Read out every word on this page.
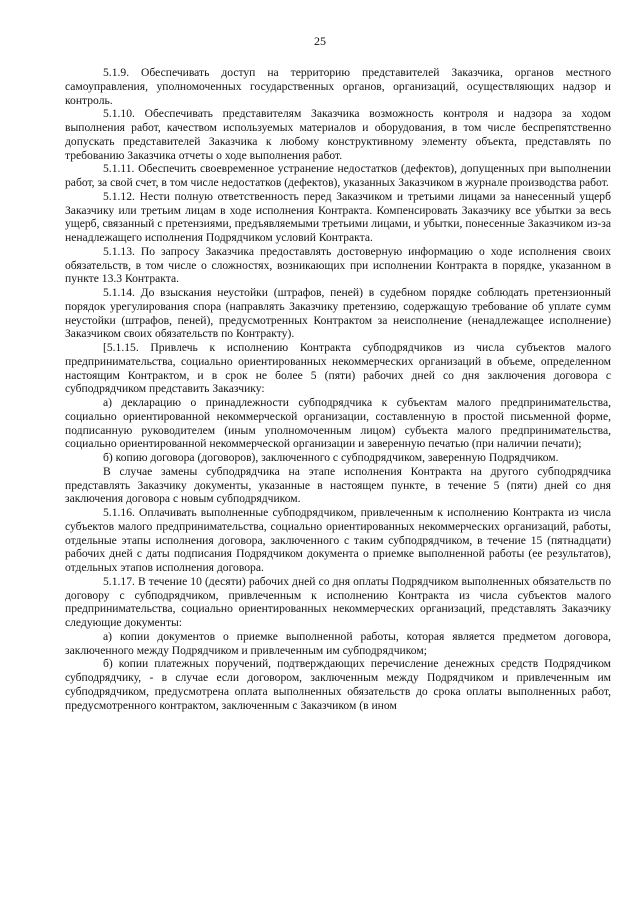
25

5.1.9. Обеспечивать доступ на территорию представителей Заказчика, органов местного самоуправления, уполномоченных государственных органов, организаций, осуществляющих надзор и контроль.

5.1.10. Обеспечивать представителям Заказчика возможность контроля и надзора за ходом выполнения работ, качеством используемых материалов и оборудования, в том числе беспрепятственно допускать представителей Заказчика к любому конструктивному элементу объекта, представлять по требованию Заказчика отчеты о ходе выполнения работ.

5.1.11. Обеспечить своевременное устранение недостатков (дефектов), допущенных при выполнении работ, за свой счет, в том числе недостатков (дефектов), указанных Заказчиком в журнале производства работ.

5.1.12. Нести полную ответственность перед Заказчиком и третьими лицами за нанесенный ущерб Заказчику или третьим лицам в ходе исполнения Контракта. Компенсировать Заказчику все убытки за весь ущерб, связанный с претензиями, предъявляемыми третьими лицами, и убытки, понесенные Заказчиком из-за ненадлежащего исполнения Подрядчиком условий Контракта.

5.1.13. По запросу Заказчика предоставлять достоверную информацию о ходе исполнения своих обязательств, в том числе о сложностях, возникающих при исполнении Контракта в порядке, указанном в пункте 13.3 Контракта.

5.1.14. До взыскания неустойки (штрафов, пеней) в судебном порядке соблюдать претензионный порядок урегулирования спора (направлять Заказчику претензию, содержащую требование об уплате сумм неустойки (штрафов, пеней), предусмотренных Контрактом за неисполнение (ненадлежащее исполнение) Заказчиком своих обязательств по Контракту).

[5.1.15. Привлечь к исполнению Контракта субподрядчиков из числа субъектов малого предпринимательства, социально ориентированных некоммерческих организаций в объеме, определенном настоящим Контрактом, и в срок не более 5 (пяти) рабочих дней со дня заключения договора с субподрядчиком представить Заказчику:

а) декларацию о принадлежности субподрядчика к субъектам малого предпринимательства, социально ориентированной некоммерческой организации, составленную в простой письменной форме, подписанную руководителем (иным уполномоченным лицом) субъекта малого предпринимательства, социально ориентированной некоммерческой организации и заверенную печатью (при наличии печати);

б) копию договора (договоров), заключенного с субподрядчиком, заверенную Подрядчиком.

В случае замены субподрядчика на этапе исполнения Контракта на другого субподрядчика представлять Заказчику документы, указанные в настоящем пункте, в течение 5 (пяти) дней со дня заключения договора с новым субподрядчиком.

5.1.16. Оплачивать выполненные субподрядчиком, привлеченным к исполнению Контракта из числа субъектов малого предпринимательства, социально ориентированных некоммерческих организаций, работы, отдельные этапы исполнения договора, заключенного с таким субподрядчиком, в течение 15 (пятнадцати) рабочих дней с даты подписания Подрядчиком документа о приемке выполненной работы (ее результатов), отдельных этапов исполнения договора.

5.1.17. В течение 10 (десяти) рабочих дней со дня оплаты Подрядчиком выполненных обязательств по договору с субподрядчиком, привлеченным к исполнению Контракта из числа субъектов малого предпринимательства, социально ориентированных некоммерческих организаций, представлять Заказчику следующие документы:

а) копии документов о приемке выполненной работы, которая является предметом договора, заключенного между Подрядчиком и привлеченным им субподрядчиком;

б) копии платежных поручений, подтверждающих перечисление денежных средств Подрядчиком субподрядчику, - в случае если договором, заключенным между Подрядчиком и привлеченным им субподрядчиком, предусмотрена оплата выполненных обязательств до срока оплаты выполненных работ, предусмотренного контрактом, заключенным с Заказчиком (в ином
